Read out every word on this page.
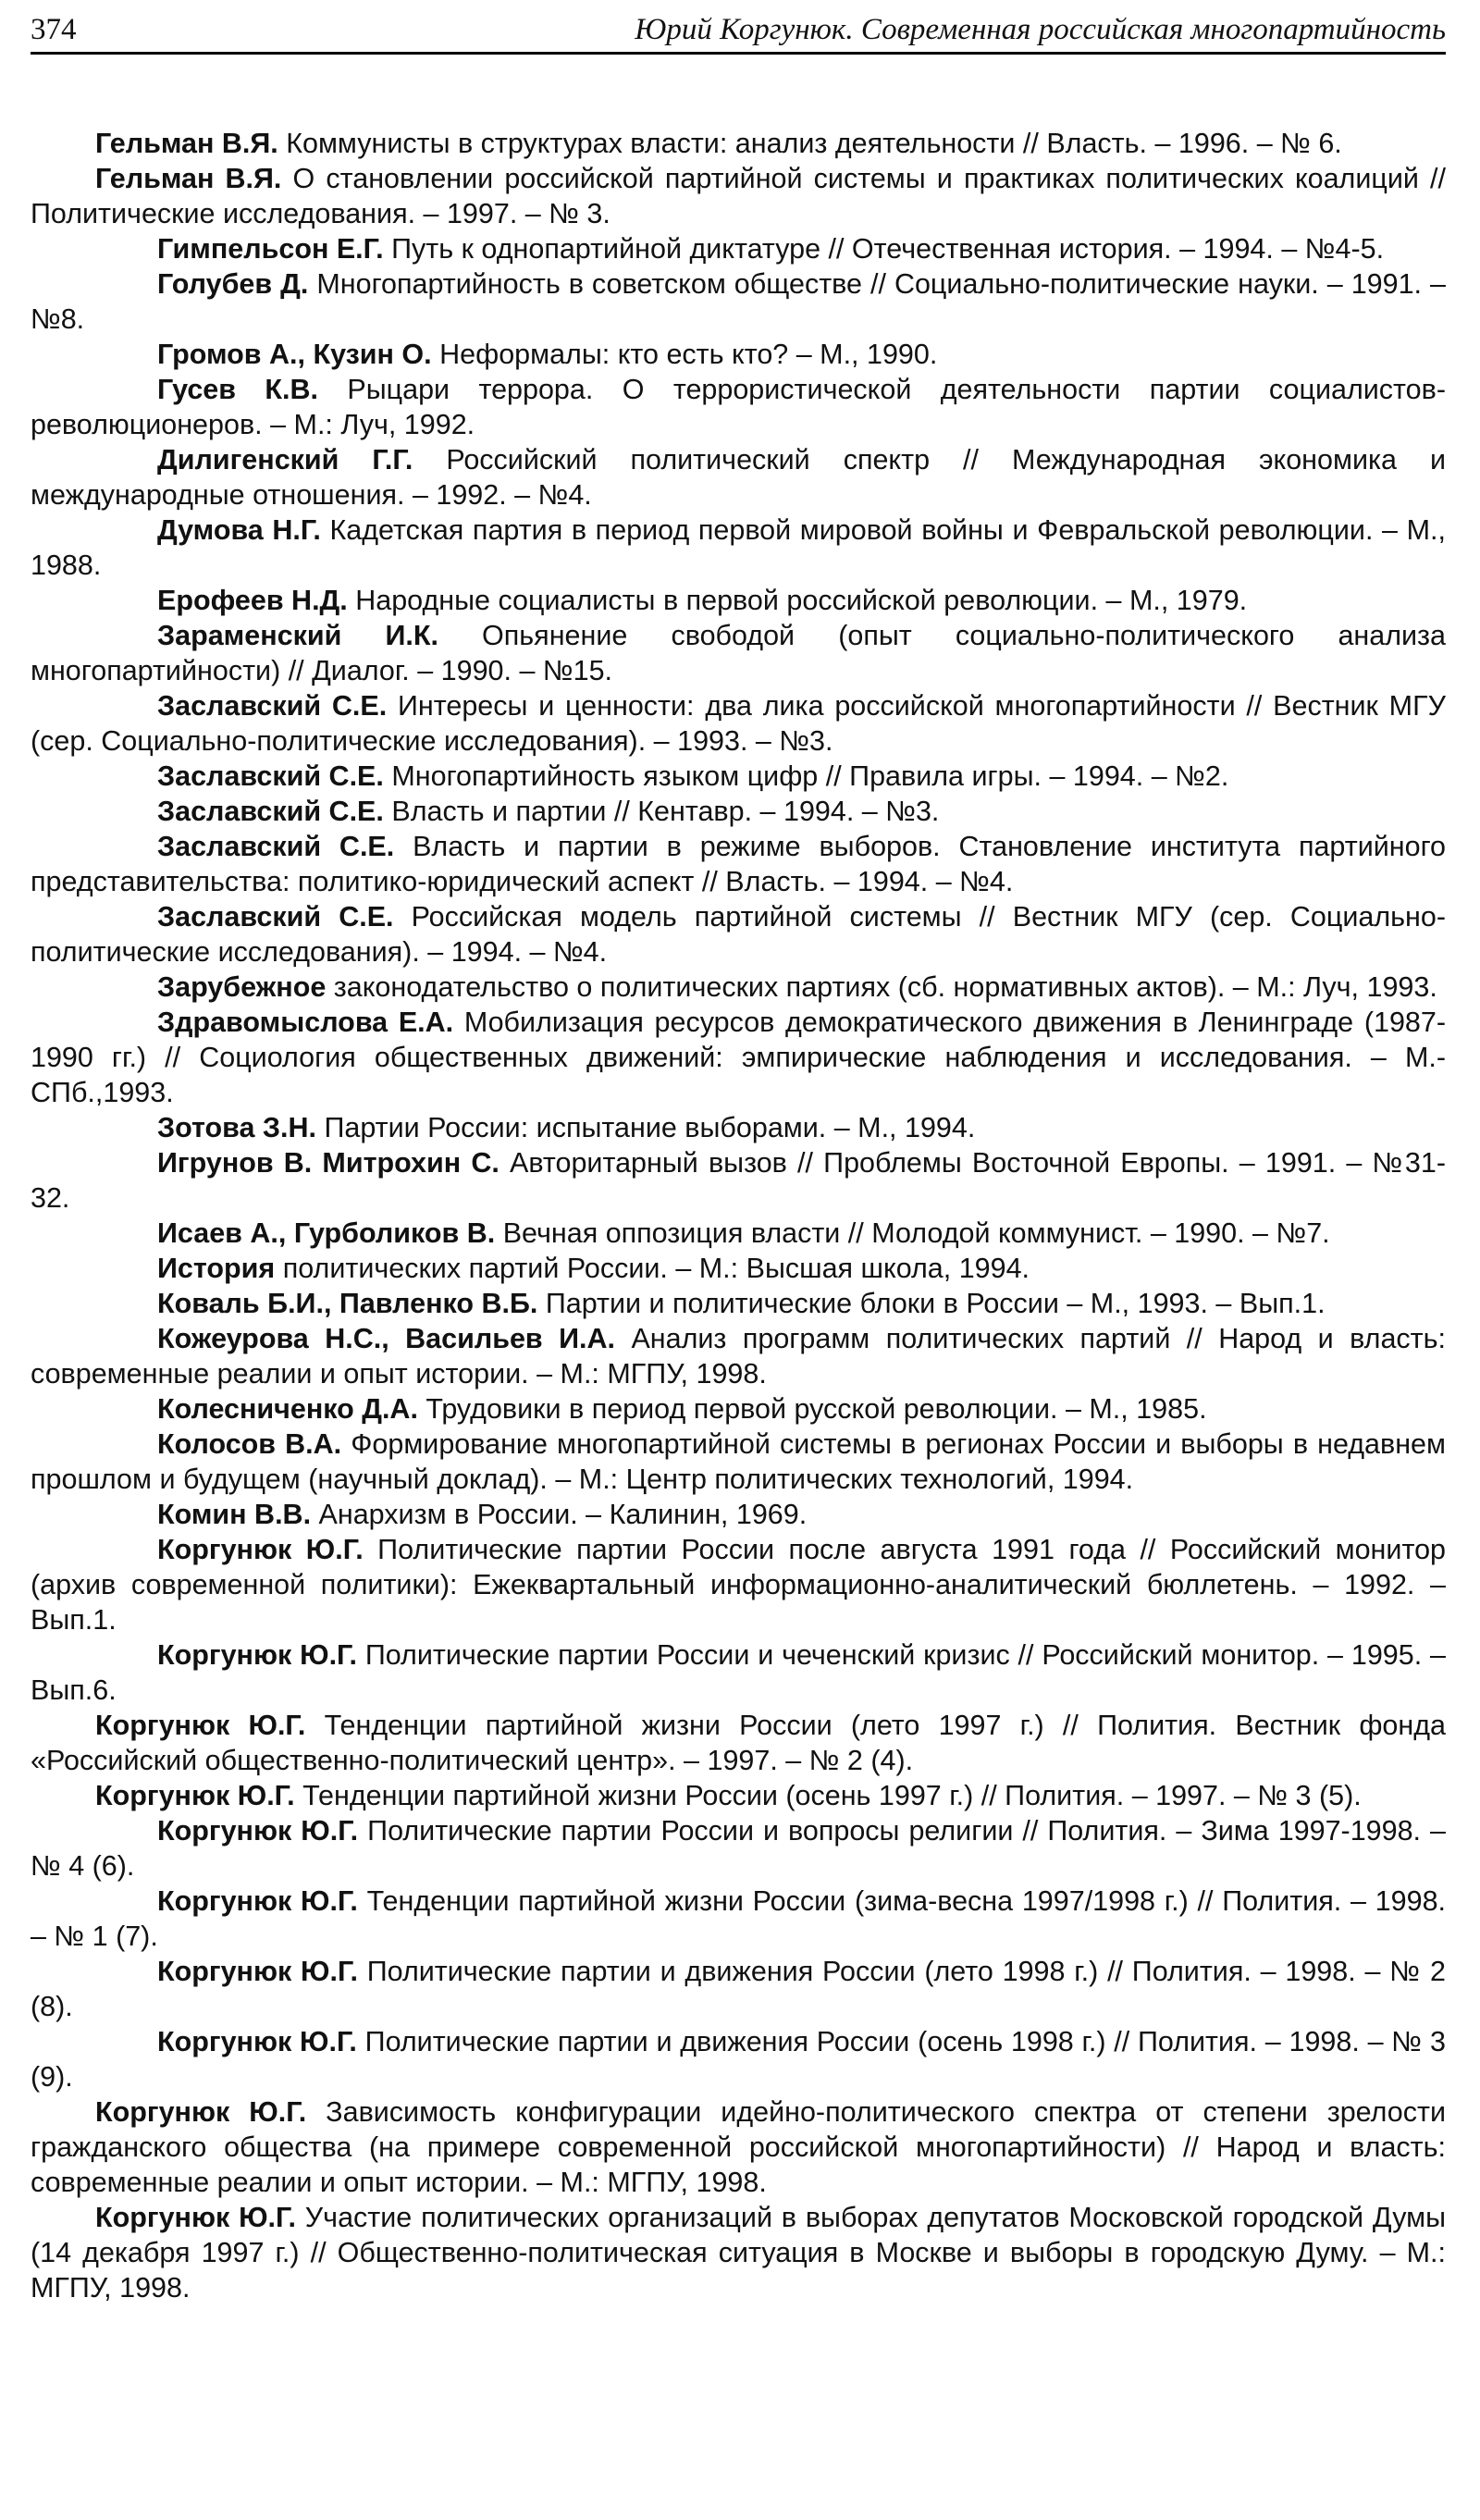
374	Юрий Коргунюк. Современная российская многопартийность

Гельман В.Я. Коммунисты в структурах власти: анализ деятельности // Власть. – 1996. – № 6.

Гельман В.Я. О становлении российской партийной системы и практиках политических коалиций // Политические исследования. – 1997. – № 3.

Гимпельсон Е.Г. Путь к однопартийной диктатуре // Отечественная история. – 1994. – №4-5.

Голубев Д. Многопартийность в советском обществе // Социально-политические науки. – 1991. – №8.

Громов А., Кузин О. Неформалы: кто есть кто? – М., 1990.

Гусев К.В. Рыцари террора. О террористической деятельности партии социалистов-революционеров. – М.: Луч, 1992.

Дилигенский Г.Г. Российский политический спектр // Международная экономика и международные отношения. – 1992. – №4.

Думова Н.Г. Кадетская партия в период первой мировой войны и Февральской революции. – М., 1988.

Ерофеев Н.Д. Народные социалисты в первой российской революции. – М., 1979.

Зараменский И.К. Опьянение свободой (опыт социально-политического анализа многопартийности) // Диалог. – 1990. – №15.

Заславский С.Е. Интересы и ценности: два лика российской многопартийности // Вестник МГУ (сер. Социально-политические исследования). – 1993. – №3.

Заславский С.Е. Многопартийность языком цифр // Правила игры. – 1994. – №2.

Заславский С.Е. Власть и партии // Кентавр. – 1994. – №3.

Заславский С.Е. Власть и партии в режиме выборов. Становление института партийного представительства: политико-юридический аспект // Власть. – 1994. – №4.

Заславский С.Е. Российская модель партийной системы // Вестник МГУ (сер. Социально-политические исследования). – 1994. – №4.

Зарубежное законодательство о политических партиях (сб. нормативных актов). – М.: Луч, 1993.

Здравомыслова Е.А. Мобилизация ресурсов демократического движения в Ленинграде (1987-1990 гг.) // Социология общественных движений: эмпирические наблюдения и исследования. – М.-СПб.,1993.

Зотова З.Н. Партии России: испытание выборами. – М., 1994.

Игрунов В. Митрохин С. Авторитарный вызов // Проблемы Восточной Европы. – 1991. – №31-32.

Исаев А., Гурболиков В. Вечная оппозиция власти // Молодой коммунист. – 1990. – №7.

История политических партий России. – М.: Высшая школа, 1994.

Коваль Б.И., Павленко В.Б. Партии и политические блоки в России – М., 1993. – Вып.1.

Кожеурова Н.С., Васильев И.А. Анализ программ политических партий // Народ и власть: современные реалии и опыт истории. – М.: МГПУ, 1998.

Колесниченко Д.А. Трудовики в период первой русской революции. – М., 1985.

Колосов В.А. Формирование многопартийной системы в регионах России и выборы в недавнем прошлом и будущем (научный доклад). – М.: Центр политических технологий, 1994.

Комин В.В. Анархизм в России. – Калинин, 1969.

Коргунюк Ю.Г. Политические партии России после августа 1991 года // Российский монитор (архив современной политики): Ежеквартальный информационно-аналитический бюллетень. – 1992. – Вып.1.

Коргунюк Ю.Г. Политические партии России и чеченский кризис // Российский монитор. – 1995. – Вып.6.

Коргунюк Ю.Г. Тенденции партийной жизни России (лето 1997 г.) // Полития. Вестник фонда «Российский общественно-политический центр». – 1997. – № 2 (4).

Коргунюк Ю.Г. Тенденции партийной жизни России (осень 1997 г.) // Полития. – 1997. – № 3 (5).

Коргунюк Ю.Г. Политические партии России и вопросы религии // Полития. – Зима 1997-1998. – № 4 (6).

Коргунюк Ю.Г. Тенденции партийной жизни России (зима-весна 1997/1998 г.) // Полития. – 1998. – № 1 (7).

Коргунюк Ю.Г. Политические партии и движения России (лето 1998 г.) // Полития. – 1998. – № 2 (8).

Коргунюк Ю.Г. Политические партии и движения России (осень 1998 г.) // Полития. – 1998. – № 3 (9).

Коргунюк Ю.Г. Зависимость конфигурации идейно-политического спектра от степени зрелости гражданского общества (на примере современной российской многопартийности) // Народ и власть: современные реалии и опыт истории. – М.: МГПУ, 1998.

Коргунюк Ю.Г. Участие политических организаций в выборах депутатов Московской городской Думы (14 декабря 1997 г.) // Общественно-политическая ситуация в Москве и выборы в городскую Думу. – М.: МГПУ, 1998.
